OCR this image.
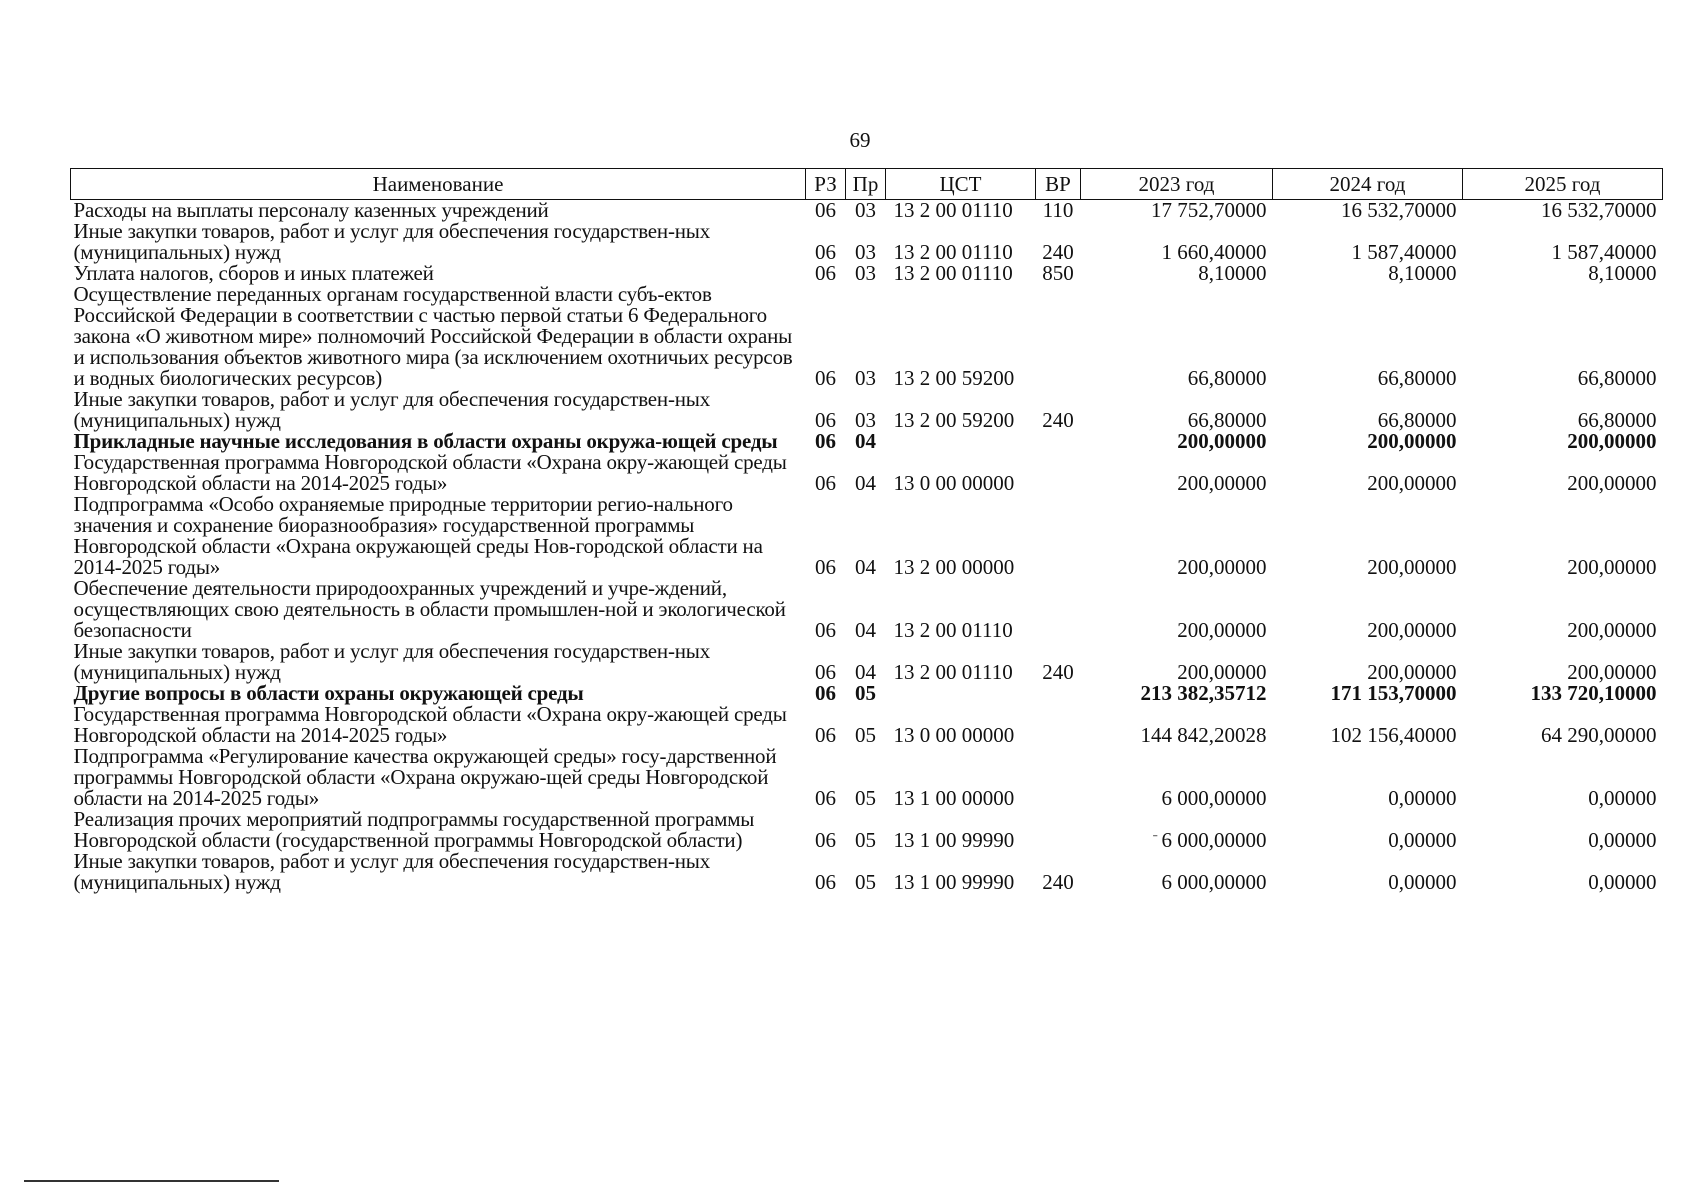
69
Наименование	РЗ	Пр	ЦСТ	ВР	2023 год	2024 год	2025 год
Расходы на выплаты персоналу казенных учреждений	06	03	13 2 00 01110	110	17 752,70000	16 532,70000	16 532,70000
Иные закупки товаров, работ и услуг для обеспечения государствен-ных (муниципальных) нужд	06	03	13 2 00 01110	240	1 660,40000	1 587,40000	1 587,40000
Уплата налогов, сборов и иных платежей	06	03	13 2 00 01110	850	8,10000	8,10000	8,10000
Осуществление переданных органам государственной власти субъ-ектов Российской Федерации в соответствии с частью первой статьи 6 Федерального закона «О животном мире» полномочий Российской Федерации в области охраны и использования объектов животного мира (за исключением охотничьих ресурсов и водных биологических ресурсов)	06	03	13 2 00 59200		66,80000	66,80000	66,80000
Иные закупки товаров, работ и услуг для обеспечения государствен-ных (муниципальных) нужд	06	03	13 2 00 59200	240	66,80000	66,80000	66,80000
Прикладные научные исследования в области охраны окружа-ющей среды	06	04			200,00000	200,00000	200,00000
Государственная программа Новгородской области «Охрана окру-жающей среды Новгородской области на 2014-2025 годы»	06	04	13 0 00 00000		200,00000	200,00000	200,00000
Подпрограмма «Особо охраняемые природные территории регио-нального значения и сохранение биоразнообразия» государственной программы Новгородской области «Охрана окружающей среды Нов-городской области на 2014-2025 годы»	06	04	13 2 00 00000		200,00000	200,00000	200,00000
Обеспечение деятельности природоохранных учреждений и учре-ждений, осуществляющих свою деятельность в области промышлен-ной и экологической безопасности	06	04	13 2 00 01110		200,00000	200,00000	200,00000
Иные закупки товаров, работ и услуг для обеспечения государствен-ных (муниципальных) нужд	06	04	13 2 00 01110	240	200,00000	200,00000	200,00000
Другие вопросы в области охраны окружающей среды	06	05			213 382,35712	171 153,70000	133 720,10000
Государственная программа Новгородской области «Охрана окру-жающей среды Новгородской области на 2014-2025 годы»	06	05	13 0 00 00000		144 842,20028	102 156,40000	64 290,00000
Подпрограмма «Регулирование качества окружающей среды» госу-дарственной программы Новгородской области «Охрана окружаю-щей среды Новгородской области на 2014-2025 годы»	06	05	13 1 00 00000		6 000,00000	0,00000	0,00000
Реализация прочих мероприятий подпрограммы государственной программы Новгородской области (государственной программы Новгородской области)	06	05	13 1 00 99990		$^ˉ$ 6 000,00000	0,00000	0,00000
Иные закупки товаров, работ и услуг для обеспечения государствен-ных (муниципальных) нужд	06	05	13 1 00 99990	240	6 000,00000	0,00000	0,00000
